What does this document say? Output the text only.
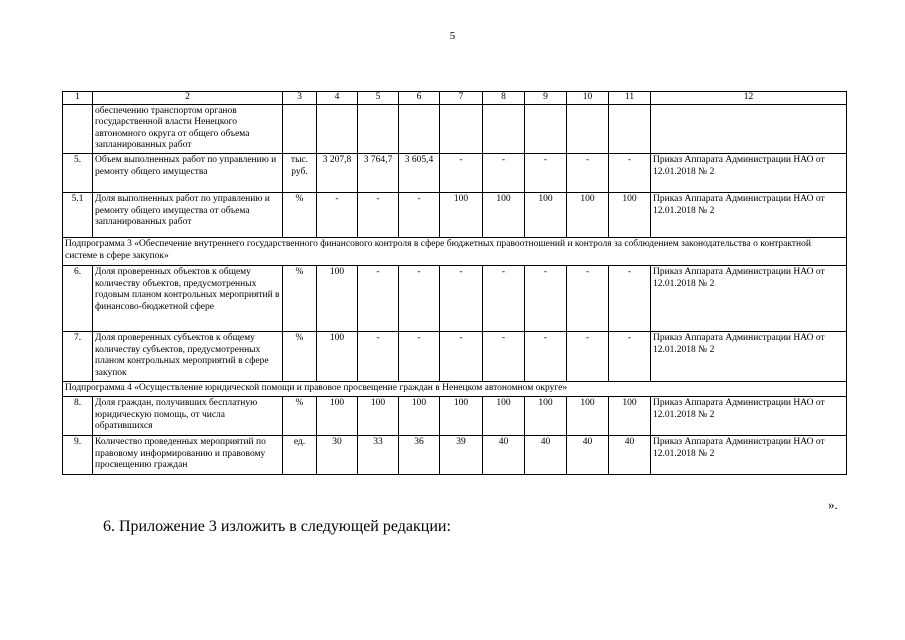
5
1	2	3	4	5	6	7	8	9	10	11	12
	обеспечению транспортом органов государственной власти Ненецкого автономного округа от общего объема запланированных работ										
5.	Объем выполненных работ по управлению и ремонту общего имущества	тыс. руб.	3 207,8	3 764,7	3 605,4	-	-	-	-	-	Приказ Аппарата Администрации НАО от 12.01.2018 № 2
5.1	Доля выполненных работ по управлению и ремонту общего имущества от объема запланированных работ	%	-	-	-	100	100	100	100	100	Приказ Аппарата Администрации НАО от 12.01.2018 № 2
Подпрограмма 3 «Обеспечение внутреннего государственного финансового контроля в сфере бюджетных правоотношений и контроля за соблюдением законодательства о контрактной системе в сфере закупок»											
6.	Доля проверенных объектов к общему количеству объектов, предусмотренных годовым планом контрольных мероприятий в финансово-бюджетной сфере	%	100	-	-	-	-	-	-	-	Приказ Аппарата Администрации НАО от 12.01.2018 № 2
7.	Доля проверенных субъектов к общему количеству субъектов, предусмотренных планом контрольных мероприятий в сфере закупок	%	100	-	-	-	-	-	-	-	Приказ Аппарата Администрации НАО от 12.01.2018 № 2
Подпрограмма 4 «Осуществление юридической помощи и правовое просвещение граждан в Ненецком автономном округе»											
8.	Доля граждан, получивших бесплатную юридическую помощь, от числа обратившихся	%	100	100	100	100	100	100	100	100	Приказ Аппарата Администрации НАО от 12.01.2018 № 2
9.	Количество проведенных мероприятий по правовому информированию и правовому просвещению граждан	ед.	30	33	36	39	40	40	40	40	Приказ Аппарата Администрации НАО от 12.01.2018 № 2
».
6. Приложение 3 изложить в следующей редакции:
